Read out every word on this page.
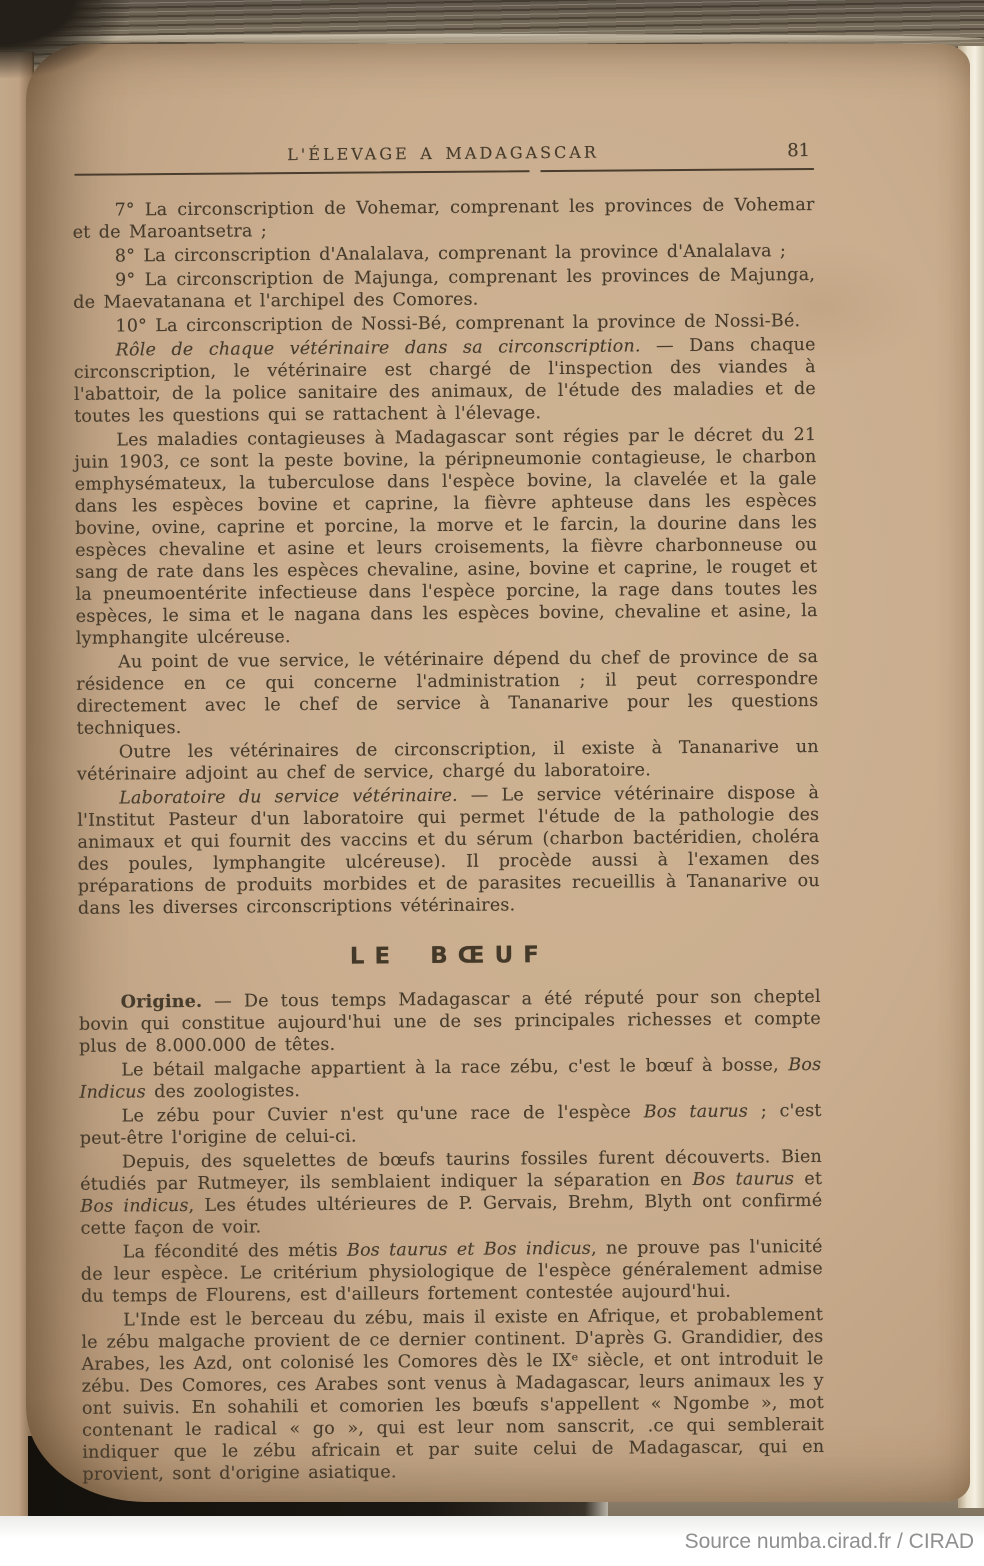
L'ÉLEVAGE A MADAGASCAR	81

7° La circonscription de Vohemar, comprenant les provinces de Vohemar et de Maroantsetra ;

8° La circonscription d'Analalava, comprenant la province d'Analalava ;

9° La circonscription de Majunga, comprenant les provinces de Majunga, de Maevatanana et l'archipel des Comores.

10° La circonscription de Nossi-Bé, comprenant la province de Nossi-Bé.

Rôle de chaque vétérinaire dans sa circonscription. — Dans chaque circonscription, le vétérinaire est chargé de l'inspection des viandes à l'abattoir, de la police sanitaire des animaux, de l'étude des maladies et de toutes les questions qui se rattachent à l'élevage.

Les maladies contagieuses à Madagascar sont régies par le décret du 21 juin 1903, ce sont la peste bovine, la péripneumonie contagieuse, le charbon emphysémateux, la tuberculose dans l'espèce bovine, la clavelée et la gale dans les espèces bovine et caprine, la fièvre aphteuse dans les espèces bovine, ovine, caprine et porcine, la morve et le farcin, la dourine dans les espèces chevaline et asine et leurs croisements, la fièvre charbonneuse ou sang de rate dans les espèces chevaline, asine, bovine et caprine, le rouget et la pneumoentérite infectieuse dans l'espèce porcine, la rage dans toutes les espèces, le sima et le nagana dans les espèces bovine, chevaline et asine, la lymphangite ulcéreuse.

Au point de vue service, le vétérinaire dépend du chef de province de sa résidence en ce qui concerne l'administration ; il peut correspondre directement avec le chef de service à Tananarive pour les questions techniques.

Outre les vétérinaires de circonscription, il existe à Tananarive un vétérinaire adjoint au chef de service, chargé du laboratoire.

Laboratoire du service vétérinaire. — Le service vétérinaire dispose à l'Institut Pasteur d'un laboratoire qui permet l'étude de la pathologie des animaux et qui fournit des vaccins et du sérum (charbon bactéridien, choléra des poules, lymphangite ulcéreuse). Il procède aussi à l'examen des préparations de produits morbides et de parasites recueillis à Tananarive ou dans les diverses circonscriptions vétérinaires.

LE BŒUF

Origine. — De tous temps Madagascar a été réputé pour son cheptel bovin qui constitue aujourd'hui une de ses principales richesses et compte plus de 8.000.000 de têtes.

Le bétail malgache appartient à la race zébu, c'est le bœuf à bosse, Bos Indicus des zoologistes.

Le zébu pour Cuvier n'est qu'une race de l'espèce Bos taurus ; c'est peut-être l'origine de celui-ci.

Depuis, des squelettes de bœufs taurins fossiles furent découverts. Bien étudiés par Rutmeyer, ils semblaient indiquer la séparation en Bos taurus et Bos indicus, Les études ultérieures de P. Gervais, Brehm, Blyth ont confirmé cette façon de voir.

La fécondité des métis Bos taurus et Bos indicus, ne prouve pas l'unicité de leur espèce. Le critérium physiologique de l'espèce généralement admise du temps de Flourens, est d'ailleurs fortement contestée aujourd'hui.

L'Inde est le berceau du zébu, mais il existe en Afrique, et probablement le zébu malgache provient de ce dernier continent. D'après G. Grandidier, des Arabes, les Azd, ont colonisé les Comores dès le IXᵉ siècle, et ont introduit le zébu. Des Comores, ces Arabes sont venus à Madagascar, leurs animaux les y ont suivis. En sohahili et comorien les bœufs s'appellent « Ngombe », mot contenant le radical « go », qui est leur nom sanscrit, .ce qui semblerait indiquer que le zébu africain et par suite celui de Madagascar, qui en provient, sont d'origine asiatique.

Source numba.cirad.fr / CIRAD
